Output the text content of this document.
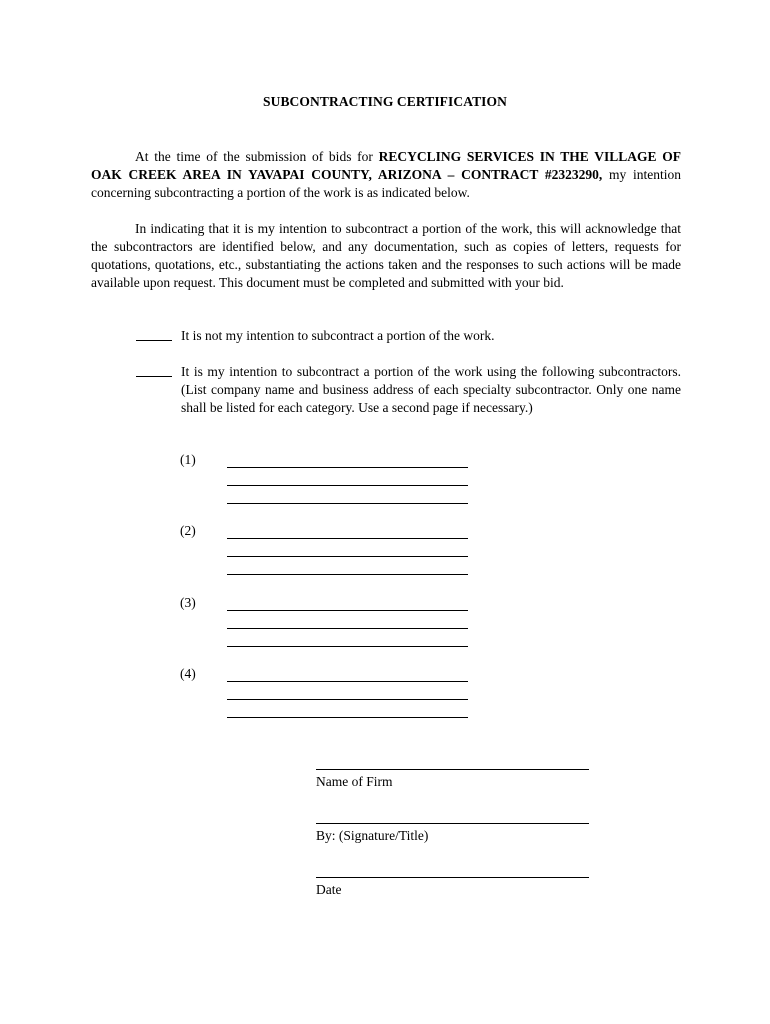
SUBCONTRACTING CERTIFICATION

At the time of the submission of bids for RECYCLING SERVICES IN THE VILLAGE OF OAK CREEK AREA IN YAVAPAI COUNTY, ARIZONA – CONTRACT #2323290, my intention concerning subcontracting a portion of the work is as indicated below.

In indicating that it is my intention to subcontract a portion of the work, this will acknowledge that the subcontractors are identified below, and any documentation, such as copies of letters, requests for quotations, quotations, etc., substantiating the actions taken and the responses to such actions will be made available upon request. This document must be completed and submitted with your bid.

It is not my intention to subcontract a portion of the work.
It is my intention to subcontract a portion of the work using the following subcontractors. (List company name and business address of each specialty subcontractor. Only one name shall be listed for each category. Use a second page if necessary.)
(1)
(2)
(3)
(4)
Name of Firm
By: (Signature/Title)
Date
